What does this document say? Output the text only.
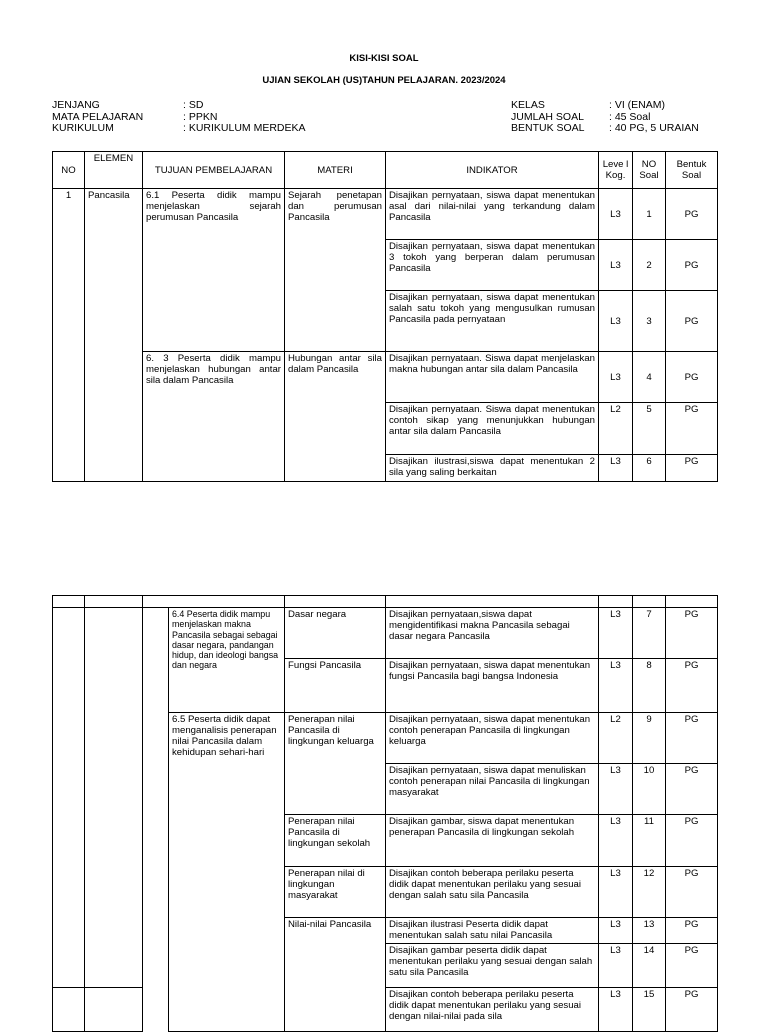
KISI-KISI SOAL
UJIAN SEKOLAH (US)TAHUN PELAJARAN. 2023/2024
JENJANG	: SD
MATA PELAJARAN	: PPKN
KURIKULUM	: KURIKULUM MERDEKA
KELAS	: VI (ENAM)
JUMLAH SOAL : 45 Soal
BENTUK SOAL : 40 PG, 5 URAIAN
NO	ELEMEN	TUJUAN PEMBELAJARAN	MATERI	INDIKATOR	Leve l Kog.	NO Soal	Bentuk Soal
1	Pancasila	6.1 Peserta didik mampu menjelaskan sejarah perumusan Pancasila	Sejarah penetapan dan perumusan Pancasila	Disajikan pernyataan, siswa dapat menentukan asal dari nilai-nilai yang terkandung dalam Pancasila	L3	1	PG
				Disajikan pernyataan, siswa dapat menentukan 3 tokoh yang berperan dalam perumusan Pancasila	L3	2	PG
				Disajikan pernyataan, siswa dapat menentukan salah satu tokoh yang mengusulkan rumusan Pancasila pada pernyataan	L3	3	PG
		6. 3 Peserta didik mampu menjelaskan hubungan antar sila dalam Pancasila	Hubungan antar sila dalam Pancasila	Disajikan pernyataan. Siswa dapat menjelaskan makna hubungan antar sila dalam Pancasila	L3	4	PG
				Disajikan pernyataan. Siswa dapat menentukan contoh sikap yang menunjukkan hubungan antar sila dalam Pancasila	L2	5	PG
				Disajikan ilustrasi,siswa dapat menentukan 2 sila yang saling berkaitan	L3	6	PG

			6.4 Peserta didik mampu menjelaskan makna Pancasila sebagai sebagai dasar negara, pandangan hidup, dan ideologi bangsa dan negara	Dasar negara	Disajikan pernyataan,siswa dapat mengidentifikasi makna Pancasila sebagai dasar negara Pancasila	L3	7	PG
				Fungsi Pancasila	Disajikan pernyataan, siswa dapat menentukan fungsi Pancasila bagi bangsa Indonesia	L3	8	PG
			6.5 Peserta didik dapat menganalisis penerapan nilai Pancasila dalam kehidupan sehari-hari	Penerapan nilai Pancasila di lingkungan keluarga	Disajikan pernyataan, siswa dapat menentukan contoh penerapan Pancasila di lingkungan keluarga	L2	9	PG
					Disajikan pernyataan, siswa dapat menuliskan contoh penerapan nilai Pancasila di lingkungan masyarakat	L3	10	PG
				Penerapan nilai Pancasila di lingkungan sekolah	Disajikan gambar, siswa dapat menentukan penerapan Pancasila di lingkungan sekolah	L3	11	PG
				Penerapan nilai di lingkungan masyarakat	Disajikan contoh beberapa perilaku peserta didik dapat menentukan perilaku yang sesuai dengan salah satu sila Pancasila	L3	12	PG
				Nilai-nilai Pancasila	Disajikan ilustrasi Peserta didik dapat menentukan salah satu nilai Pancasila	L3	13	PG
					Disajikan gambar peserta didik dapat menentukan perilaku yang sesuai dengan salah satu sila Pancasila	L3	14	PG
					Disajikan contoh beberapa perilaku peserta didik dapat menentukan perilaku yang sesuai dengan nilai-nilai pada sila	L3	15	PG
